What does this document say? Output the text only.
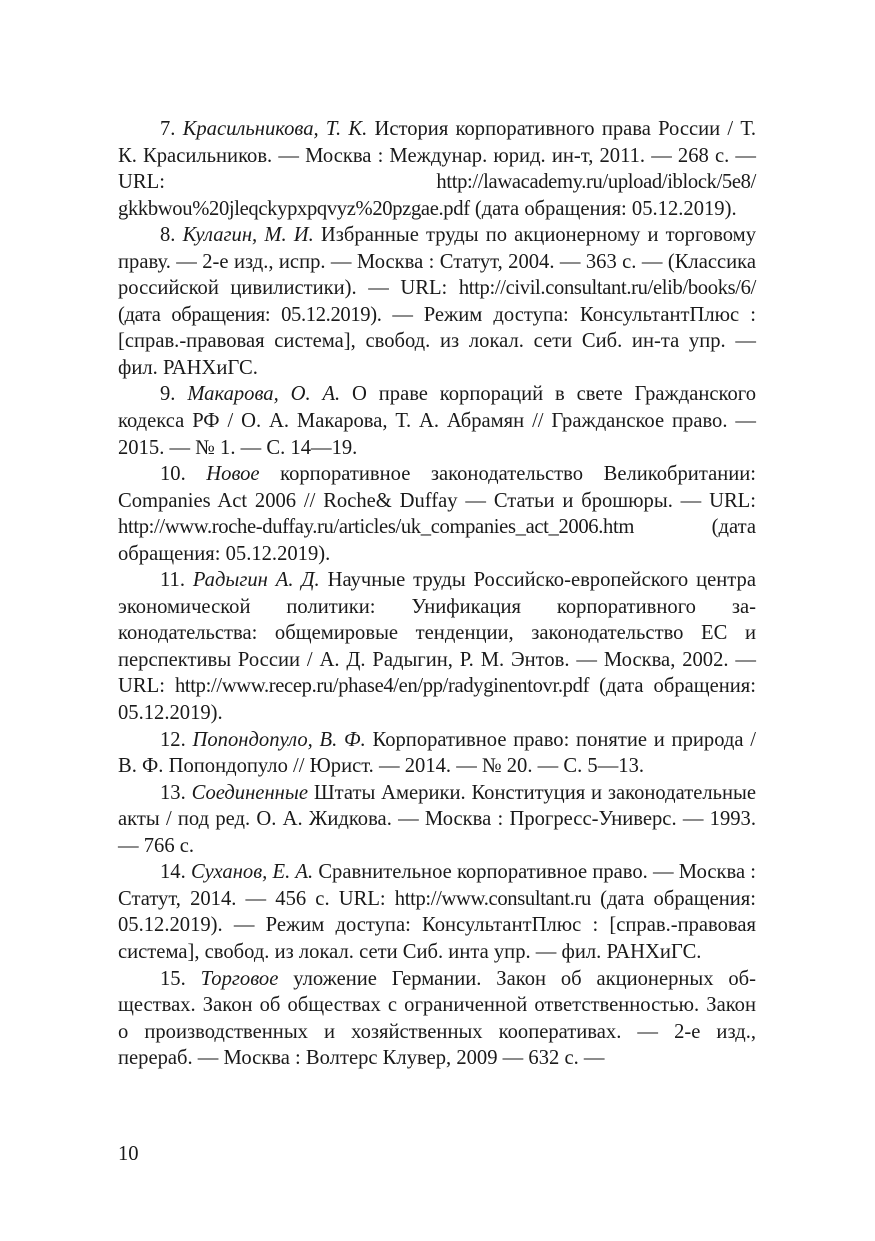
7. Красильникова, Т. К. История корпоративного права России / Т. К. Красильников. — Москва : Междунар. юрид. ин-т, 2011. — 268 с. — URL: http://lawacademy.ru/upload/iblock/5e8/ gkkbwou%20jleqckypxpqvyz%20pzgae.pdf (дата обращения: 05.12.2019).

8. Кулагин, М. И. Избранные труды по акционерному и торговому праву. — 2-е изд., испр. — Москва : Статут, 2004. — 363 с. — (Классика российской цивилистики). — URL: http://civil.consultant.ru/elib/books/6/ (дата обращения: 05.12.2019). — Режим доступа: КонсультантПлюс : [справ.-правовая система], свобод. из локал. сети Сиб. ин-та упр. — фил. РАНХиГС.

9. Макарова, О. А. О праве корпораций в свете Гражданского кодекса РФ / О. А. Макарова, Т. А. Абрамян // Гражданское право. — 2015. — № 1. — С. 14—19.

10. Новое корпоративное законодательство Великобритании: Companies Act 2006 // Roche& Duffay — Статьи и брошюры. — URL: http://www.roche-duffay.ru/articles/uk_companies_act_2006.htm (дата обращения: 05.12.2019).

11. Радыгин А. Д. Научные труды Российско-европейского центра экономической политики: Унификация корпоративного законодательства: общемировые тенденции, законодательство ЕС и перспективы России / А. Д. Радыгин, Р. М. Энтов. — Москва, 2002. — URL: http://www.recep.ru/phase4/en/pp/radyginentovr.pdf (дата обращения: 05.12.2019).

12. Попондопуло, В. Ф. Корпоративное право: понятие и природа / В. Ф. Попондопуло // Юрист. — 2014. — № 20. — С. 5—13.

13. Соединенные Штаты Америки. Конституция и законодательные акты / под ред. О. А. Жидкова. — Москва : Прогресс-Универс. — 1993. — 766 с.

14. Суханов, Е. А. Сравнительное корпоративное право. — Москва : Статут, 2014. — 456 с. URL: http://www.consultant.ru (дата обращения: 05.12.2019). — Режим доступа: КонсультантПлюс : [справ.-правовая система], свобод. из локал. сети Сиб. инта упр. — фил. РАНХиГС.

15. Торговое уложение Германии. Закон об акционерных обществах. Закон об обществах с ограниченной ответственностью. Закон о производственных и хозяйственных кооперативах. — 2-е изд., перераб. — Москва : Волтерс Клувер, 2009 — 632 с. —

10
